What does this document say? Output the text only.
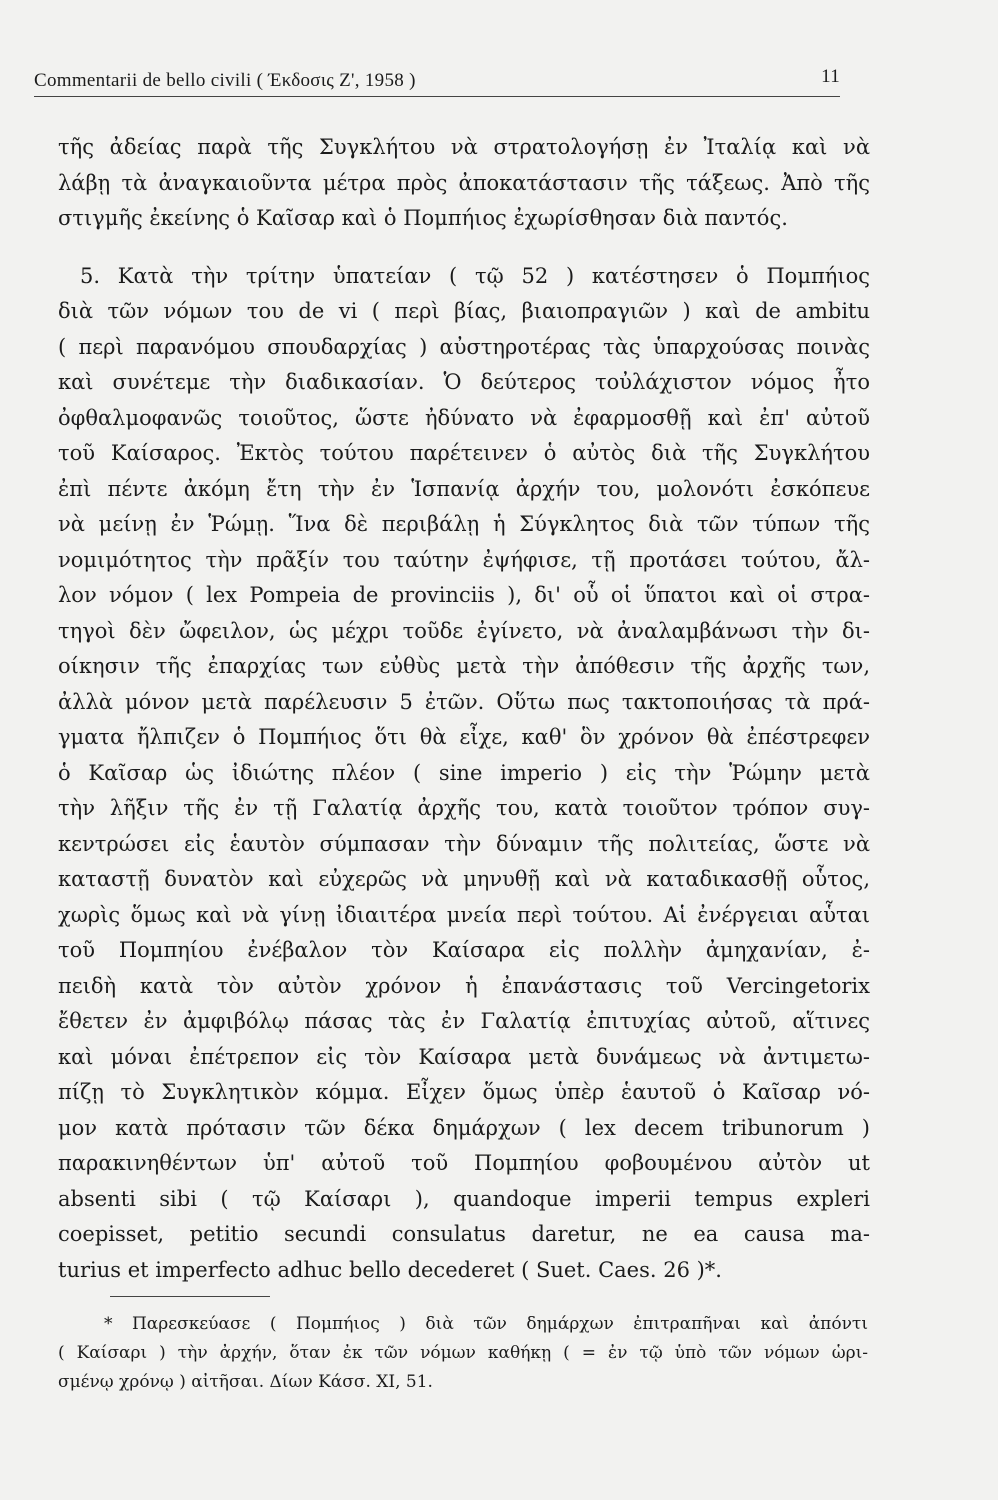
Commentarii de bello civili ( Έκδοσις Ζ', 1958 )	11
τῆς ἀδείας παρὰ τῆς Συγκλήτου νὰ στρατολογήσῃ ἐν Ἰταλίᾳ καὶ νὰ
λάβῃ τὰ ἀναγκαιοῦντα μέτρα πρὸς ἀποκατάστασιν τῆς τάξεως. Ἀπὸ τῆς
στιγμῆς ἐκείνης ὁ Καῖσαρ καὶ ὁ Πομπήιος ἐχωρίσθησαν διὰ παντός.
5. Κατὰ τὴν τρίτην ὑπατείαν ( τῷ 52 ) κατέστησεν ὁ Πομπήιος
διὰ τῶν νόμων του de vi ( περὶ βίας, βιαιοπραγιῶν ) καὶ de ambitu
( περὶ παρανόμου σπουδαρχίας ) αὐστηροτέρας τὰς ὑπαρχούσας ποινὰς
καὶ συνέτεμε τὴν διαδικασίαν. Ὁ δεύτερος τοὐλάχιστον νόμος ἦτο
ὀφθαλμοφανῶς τοιοῦτος, ὥστε ἠδύνατο νὰ ἐφαρμοσθῇ καὶ ἐπ' αὐτοῦ
τοῦ Καίσαρος. Ἐκτὸς τούτου παρέτεινεν ὁ αὐτὸς διὰ τῆς Συγκλήτου
ἐπὶ πέντε ἀκόμη ἔτη τὴν ἐν Ἱσπανίᾳ ἀρχήν του, μολονότι ἐσκόπευε
νὰ μείνῃ ἐν Ῥώμῃ. Ἵνα δὲ περιβάλῃ ἡ Σύγκλητος διὰ τῶν τύπων τῆς
νομιμότητος τὴν πρᾶξίν του ταύτην ἐψήφισε, τῇ προτάσει τούτου, ἄλ-
λον νόμον ( lex Pompeia de provinciis ), δι' οὗ οἱ ὕπατοι καὶ οἱ στρα-
τηγοὶ δὲν ὤφειλον, ὡς μέχρι τοῦδε ἐγίνετο, νὰ ἀναλαμβάνωσι τὴν δι-
οίκησιν τῆς ἐπαρχίας των εὐθὺς μετὰ τὴν ἀπόθεσιν τῆς ἀρχῆς των,
ἀλλὰ μόνον μετὰ παρέλευσιν 5 ἐτῶν. Οὕτω πως τακτοποιήσας τὰ πρά-
γματα ἤλπιζεν ὁ Πομπήιος ὅτι θὰ εἶχε, καθ' ὃν χρόνον θὰ ἐπέστρεφεν
ὁ Καῖσαρ ὡς ἰδιώτης πλέον ( sine imperio ) εἰς τὴν Ῥώμην μετὰ
τὴν λῆξιν τῆς ἐν τῇ Γαλατίᾳ ἀρχῆς του, κατὰ τοιοῦτον τρόπον συγ-
κεντρώσει εἰς ἑαυτὸν σύμπασαν τὴν δύναμιν τῆς πολιτείας, ὥστε νὰ
καταστῇ δυνατὸν καὶ εὐχερῶς νὰ μηνυθῇ καὶ νὰ καταδικασθῇ οὗτος,
χωρὶς ὅμως καὶ νὰ γίνῃ ἰδιαιτέρα μνεία περὶ τούτου. Αἱ ἐνέργειαι αὗται
τοῦ Πομπηίου ἐνέβαλον τὸν Καίσαρα εἰς πολλὴν ἀμηχανίαν, ἐ-
πειδὴ κατὰ τὸν αὐτὸν χρόνον ἡ ἐπανάστασις τοῦ Vercingetorix
ἔθετεν ἐν ἀμφιβόλῳ πάσας τὰς ἐν Γαλατίᾳ ἐπιτυχίας αὐτοῦ, αἵτινες
καὶ μόναι ἐπέτρεπον εἰς τὸν Καίσαρα μετὰ δυνάμεως νὰ ἀντιμετω-
πίζῃ τὸ Συγκλητικὸν κόμμα. Εἶχεν ὅμως ὑπὲρ ἑαυτοῦ ὁ Καῖσαρ νό-
μον κατὰ πρότασιν τῶν δέκα δημάρχων ( lex decem tribunorum )
παρακινηθέντων ὑπ' αὐτοῦ τοῦ Πομπηίου φοβουμένου αὐτὸν ut
absenti sibi ( τῷ Καίσαρι ), quandoque imperii tempus expleri
coepisset, petitio secundi consulatus daretur, ne ea causa ma-
turius et imperfecto adhuc bello decederet ( Suet. Caes. 26 )*.
* Παρεσκεύασε ( Πομπήιος ) διὰ τῶν δημάρχων ἐπιτραπῆναι καὶ ἀπόντι
( Καίσαρι ) τὴν ἀρχήν, ὅταν ἐκ τῶν νόμων καθήκῃ ( = ἐν τῷ ὑπὸ τῶν νόμων ὡρι-
σμένῳ χρόνῳ ) αἰτῆσαι. Δίων Κάσσ. XI, 51.
